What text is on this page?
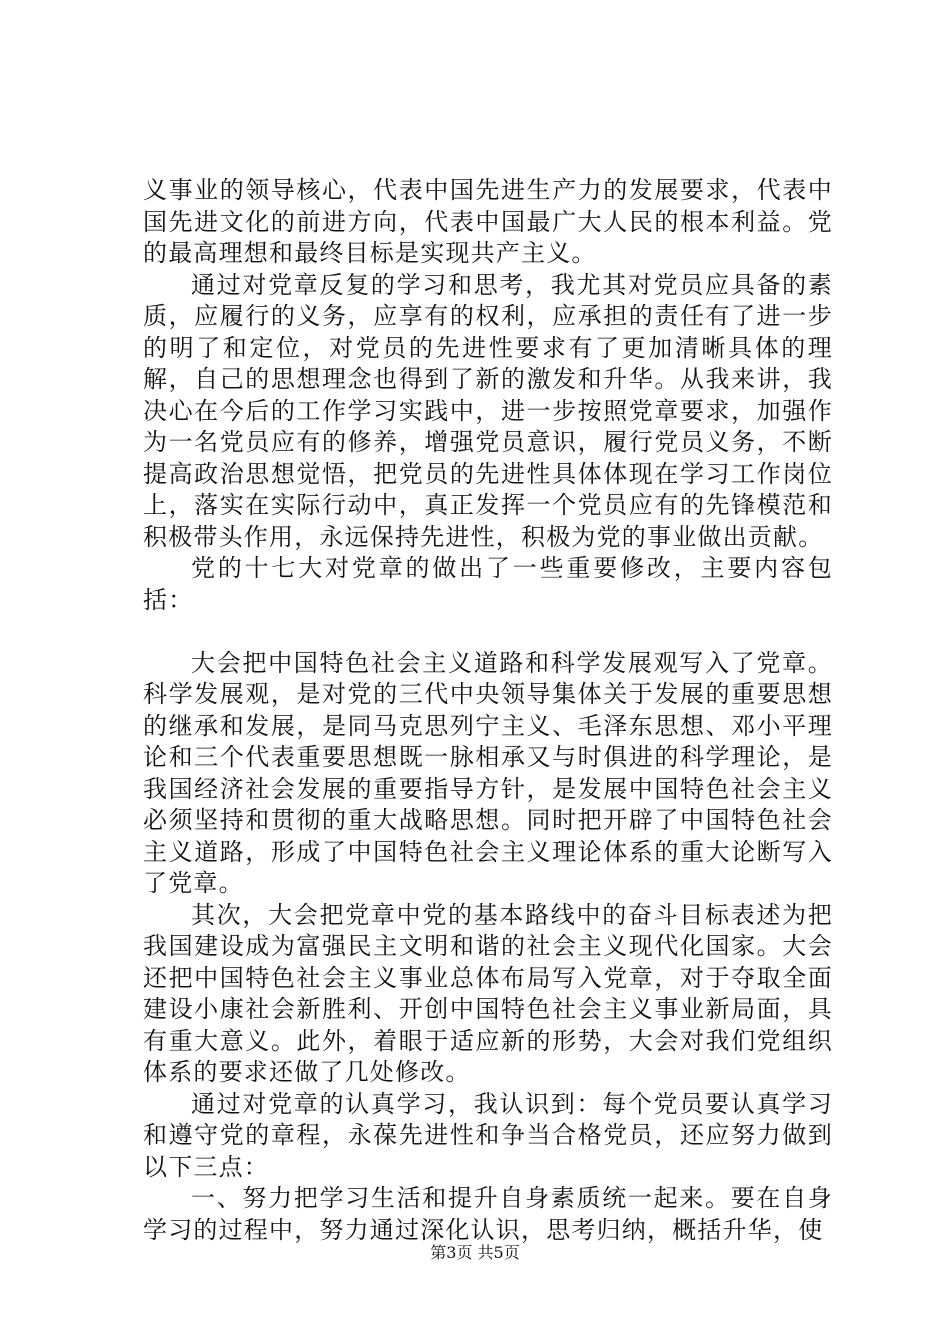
义事业的领导核心，代表中国先进生产力的发展要求，代表中国先进文化的前进方向，代表中国最广大人民的根本利益。党的最高理想和最终目标是实现共产主义。

通过对党章反复的学习和思考，我尤其对党员应具备的素质，应履行的义务，应享有的权利，应承担的责任有了进一步的明了和定位，对党员的先进性要求有了更加清晰具体的理解，自己的思想理念也得到了新的激发和升华。从我来讲，我决心在今后的工作学习实践中，进一步按照党章要求，加强作为一名党员应有的修养，增强党员意识，履行党员义务，不断提高政治思想觉悟，把党员的先进性具体体现在学习工作岗位上，落实在实际行动中，真正发挥一个党员应有的先锋模范和积极带头作用，永远保持先进性，积极为党的事业做出贡献。

党的十七大对党章的做出了一些重要修改，主要内容包括：

大会把中国特色社会主义道路和科学发展观写入了党章。科学发展观，是对党的三代中央领导集体关于发展的重要思想的继承和发展，是同马克思列宁主义、毛泽东思想、邓小平理论和三个代表重要思想既一脉相承又与时俱进的科学理论，是我国经济社会发展的重要指导方针，是发展中国特色社会主义必须坚持和贯彻的重大战略思想。同时把开辟了中国特色社会主义道路，形成了中国特色社会主义理论体系的重大论断写入了党章。

其次，大会把党章中党的基本路线中的奋斗目标表述为把我国建设成为富强民主文明和谐的社会主义现代化国家。大会还把中国特色社会主义事业总体布局写入党章，对于夺取全面建设小康社会新胜利、开创中国特色社会主义事业新局面，具有重大意义。此外，着眼于适应新的形势，大会对我们党组织体系的要求还做了几处修改。

通过对党章的认真学习，我认识到：每个党员要认真学习和遵守党的章程，永葆先进性和争当合格党员，还应努力做到以下三点：

一、努力把学习生活和提升自身素质统一起来。要在自身学习的过程中，努力通过深化认识，思考归纳，概括升华，使

第3页 共5页
